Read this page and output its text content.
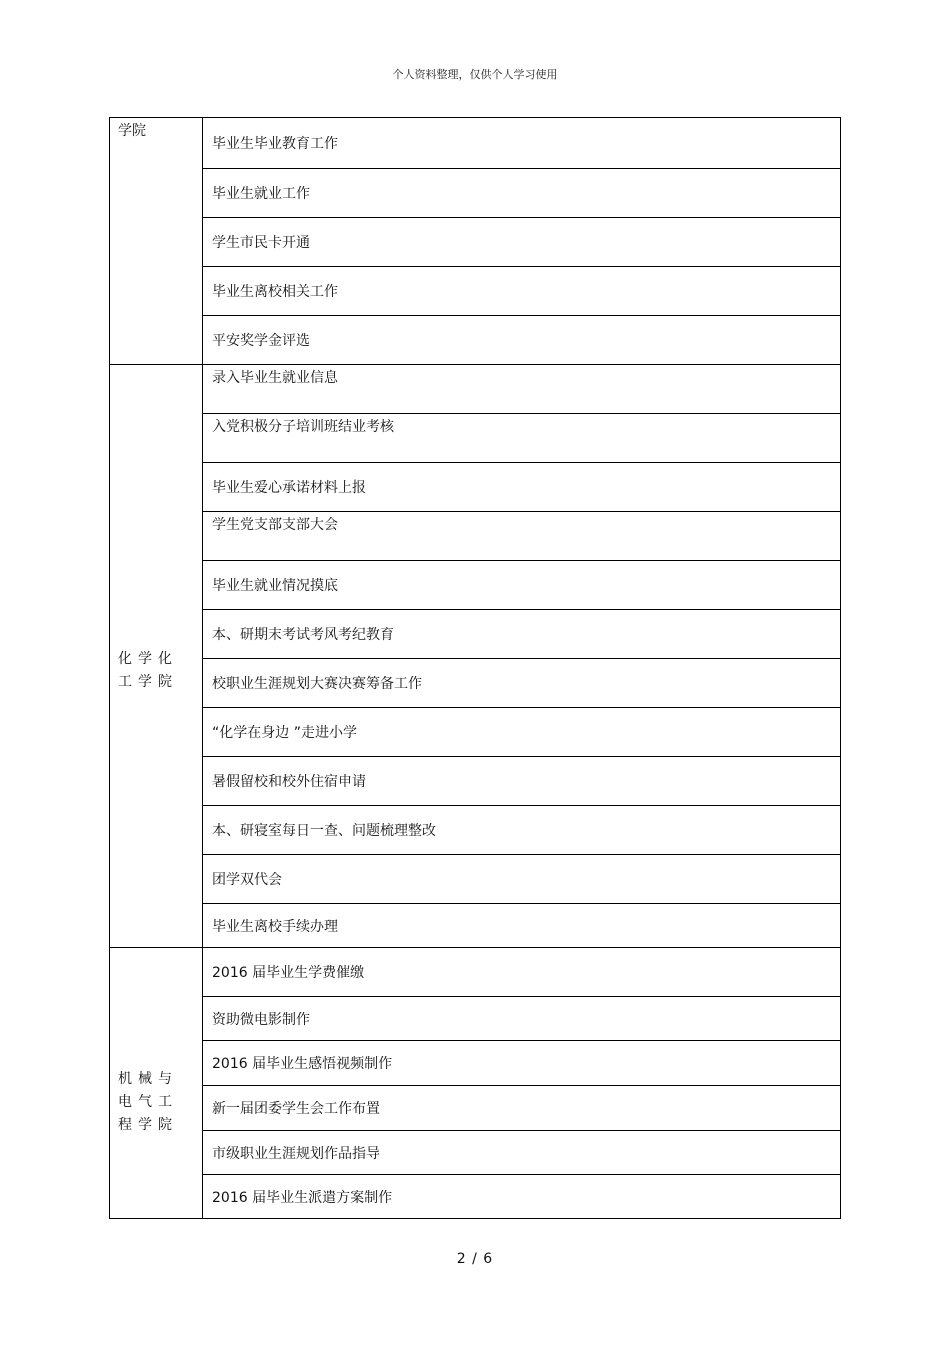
个人资料整理，仅供个人学习使用
学院
毕业生毕业教育工作
毕业生就业工作
学生市民卡开通
毕业生离校相关工作
平安奖学金评选
化学化工学院
录入毕业生就业信息
入党积极分子培训班结业考核
毕业生爱心承诺材料上报
学生党支部支部大会
毕业生就业情况摸底
本、研期末考试考风考纪教育
校职业生涯规划大赛决赛筹备工作
“化学在身边 ”走进小学
暑假留校和校外住宿申请
本、研寝室每日一查、问题梳理整改
团学双代会
毕业生离校手续办理
机械与电气工程学院
2016 届毕业生学费催缴
资助微电影制作
2016 届毕业生感悟视频制作
新一届团委学生会工作布置
市级职业生涯规划作品指导
2016 届毕业生派遣方案制作
2 / 6
